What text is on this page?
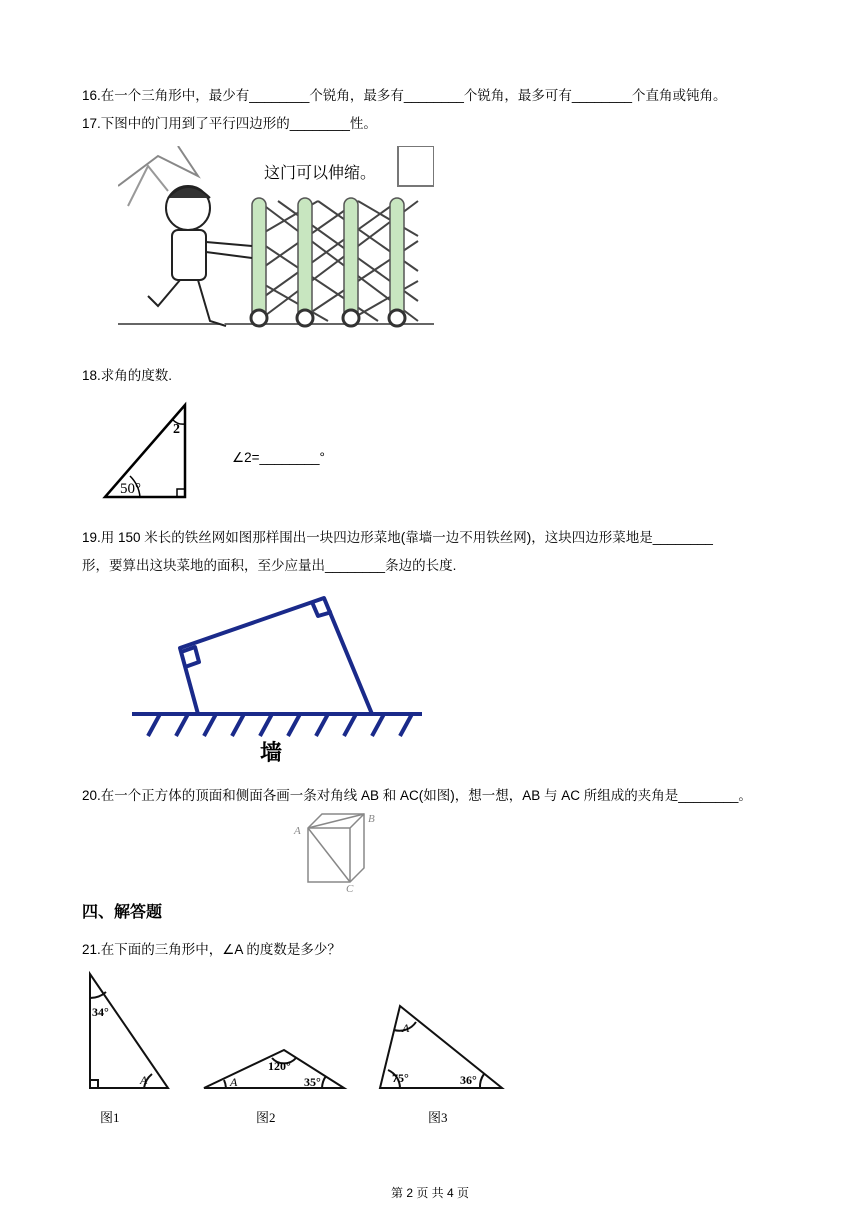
16.在一个三角形中，最少有________个锐角，最多有________个锐角，最多可有________个直角或钝角。
17.下图中的门用到了平行四边形的________性。
这门可以伸缩。
18.求角的度数.
2
50°
∠2=________°
19.用 150 米长的铁丝网如图那样围出一块四边形菜地(靠墙一边不用铁丝网)，这块四边形菜地是________
形，要算出这块菜地的面积，至少应量出________条边的长度.
墙
20.在一个正方体的顶面和侧面各画一条对角线 AB 和 AC(如图)，想一想，AB 与 AC 所组成的夹角是________。
A
B
C
四、解答题
21.在下面的三角形中，∠A 的度数是多少？
34°
A
图1
120°
35°
A
图2
A
75°	36°
图3
第 2 页 共 4 页
